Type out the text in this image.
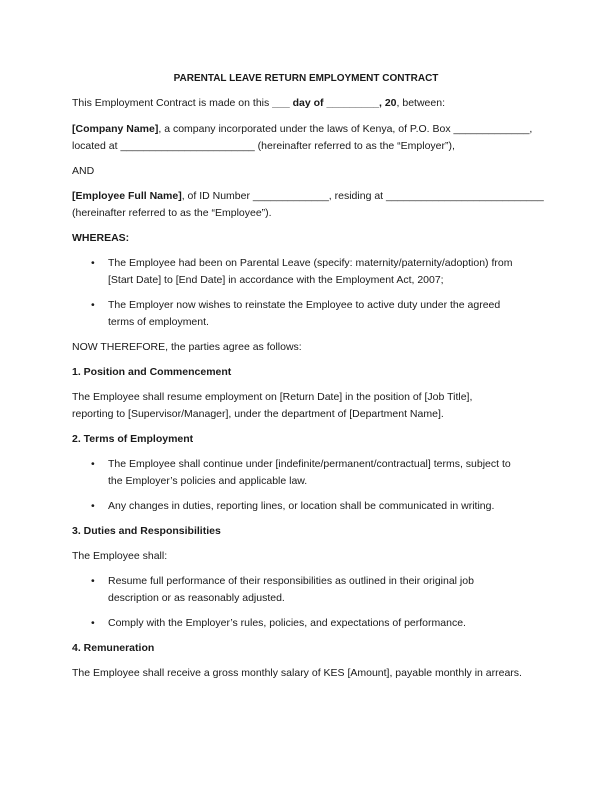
PARENTAL LEAVE RETURN EMPLOYMENT CONTRACT
This Employment Contract is made on this ___ day of _________, 20, between:
[Company Name], a company incorporated under the laws of Kenya, of P.O. Box _____________,
located at _______________________ (hereinafter referred to as the “Employer”),
AND
[Employee Full Name], of ID Number _____________, residing at ___________________________
(hereinafter referred to as the “Employee”).
WHEREAS:
• The Employee had been on Parental Leave (specify: maternity/paternity/adoption) from
[Start Date] to [End Date] in accordance with the Employment Act, 2007;
• The Employer now wishes to reinstate the Employee to active duty under the agreed
terms of employment.
NOW THEREFORE, the parties agree as follows:
1. Position and Commencement
The Employee shall resume employment on [Return Date] in the position of [Job Title],
reporting to [Supervisor/Manager], under the department of [Department Name].
2. Terms of Employment
• The Employee shall continue under [indefinite/permanent/contractual] terms, subject to
the Employer’s policies and applicable law.
• Any changes in duties, reporting lines, or location shall be communicated in writing.
3. Duties and Responsibilities
The Employee shall:
• Resume full performance of their responsibilities as outlined in their original job
description or as reasonably adjusted.
• Comply with the Employer’s rules, policies, and expectations of performance.
4. Remuneration
The Employee shall receive a gross monthly salary of KES [Amount], payable monthly in arrears.
